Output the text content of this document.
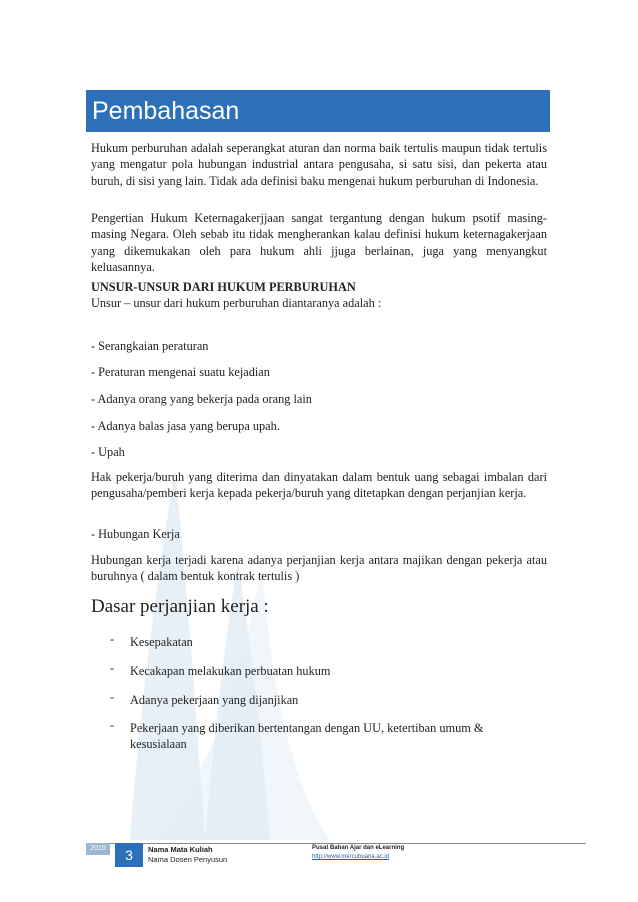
Pembahasan
Hukum perburuhan adalah seperangkat aturan dan norma baik tertulis maupun tidak tertulis yang mengatur pola hubungan industrial antara pengusaha, si satu sisi, dan pekerta atau buruh, di sisi yang lain. Tidak ada definisi baku mengenai hukum perburuhan di Indonesia.
Pengertian Hukum Keternagakerjjaan sangat tergantung dengan hukum psotif masing-masing Negara. Oleh sebab itu tidak mengherankan kalau definisi hukum keternagakerjaan yang dikemukakan oleh para hukum ahli jjuga berlainan, juga yang menyangkut keluasannya.
UNSUR-UNSUR DARI HUKUM PERBURUHAN
Unsur – unsur dari hukum perburuhan diantaranya adalah :
- Serangkaian peraturan
- Peraturan mengenai suatu kejadian
- Adanya orang yang bekerja pada orang lain
- Adanya balas jasa yang berupa upah.
- Upah
Hak pekerja/buruh yang diterima dan dinyatakan dalam bentuk uang sebagai imbalan dari pengusaha/pemberi kerja kepada pekerja/buruh yang ditetapkan dengan perjanjian kerja.
- Hubungan Kerja
Hubungan kerja terjadi karena adanya perjanjian kerja antara majikan dengan pekerja atau buruhnya ( dalam bentuk kontrak tertulis )
Dasar perjanjian kerja :
- Kesepakatan
- Kecakapan melakukan perbuatan hukum
- Adanya pekerjaan yang dijanjikan
- Pekerjaan yang diberikan bertentangan dengan UU, ketertiban umum & kesusialaan
2015	3	Nama Mata Kuliah
Nama Dosen Penyusun
Pusat Bahan Ajar dan eLearning
http://www.mercubuana.ac.id
